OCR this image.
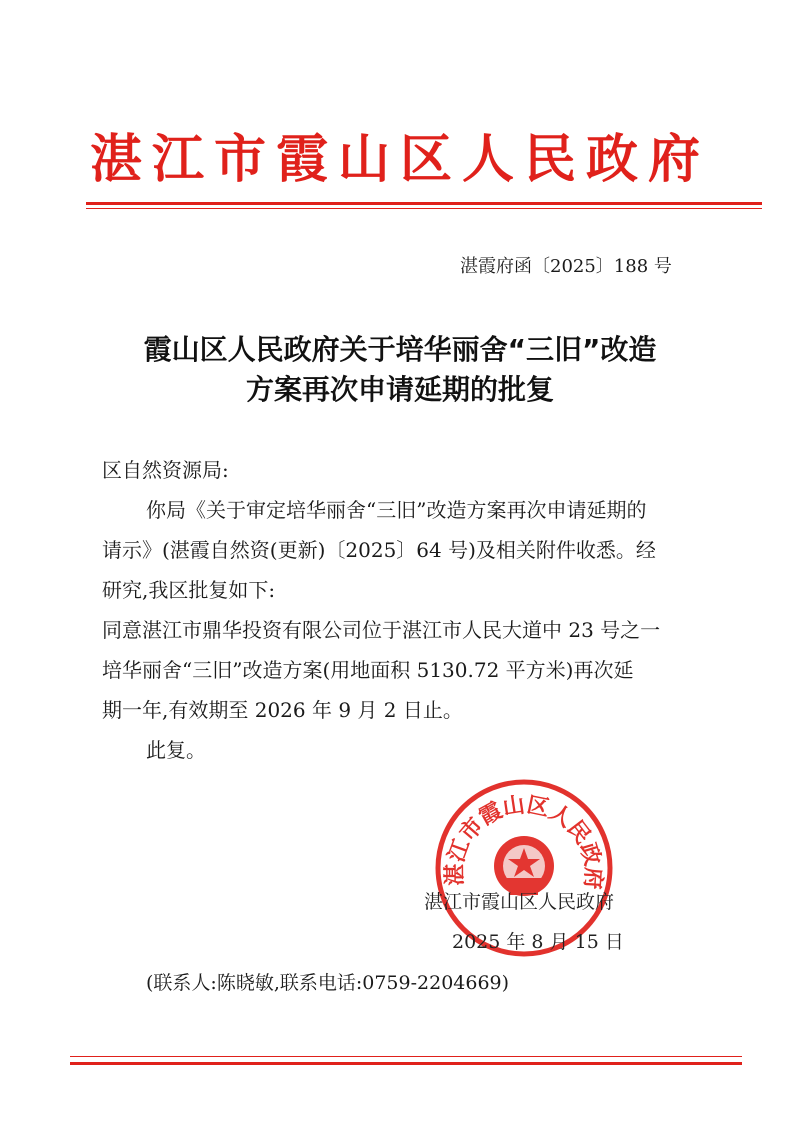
湛江市霞山区人民政府
湛霞府函〔2025〕188 号
霞山区人民政府关于培华丽舍“三旧”改造
方案再次申请延期的批复
区自然资源局:
你局《关于审定培华丽舍“三旧”改造方案再次申请延期的
请示》(湛霞自然资(更新)〔2025〕64 号)及相关附件收悉。经
研究,我区批复如下:
同意湛江市鼎华投资有限公司位于湛江市人民大道中 23 号之一
培华丽舍“三旧”改造方案(用地面积 5130.72 平方米)再次延
期一年,有效期至 2026 年 9 月 2 日止。
此复。
湛江市霞山区人民政府
湛江市霞山区人民政府
2025 年 8 月 15 日
(联系人:陈晓敏,联系电话:0759-2204669)
